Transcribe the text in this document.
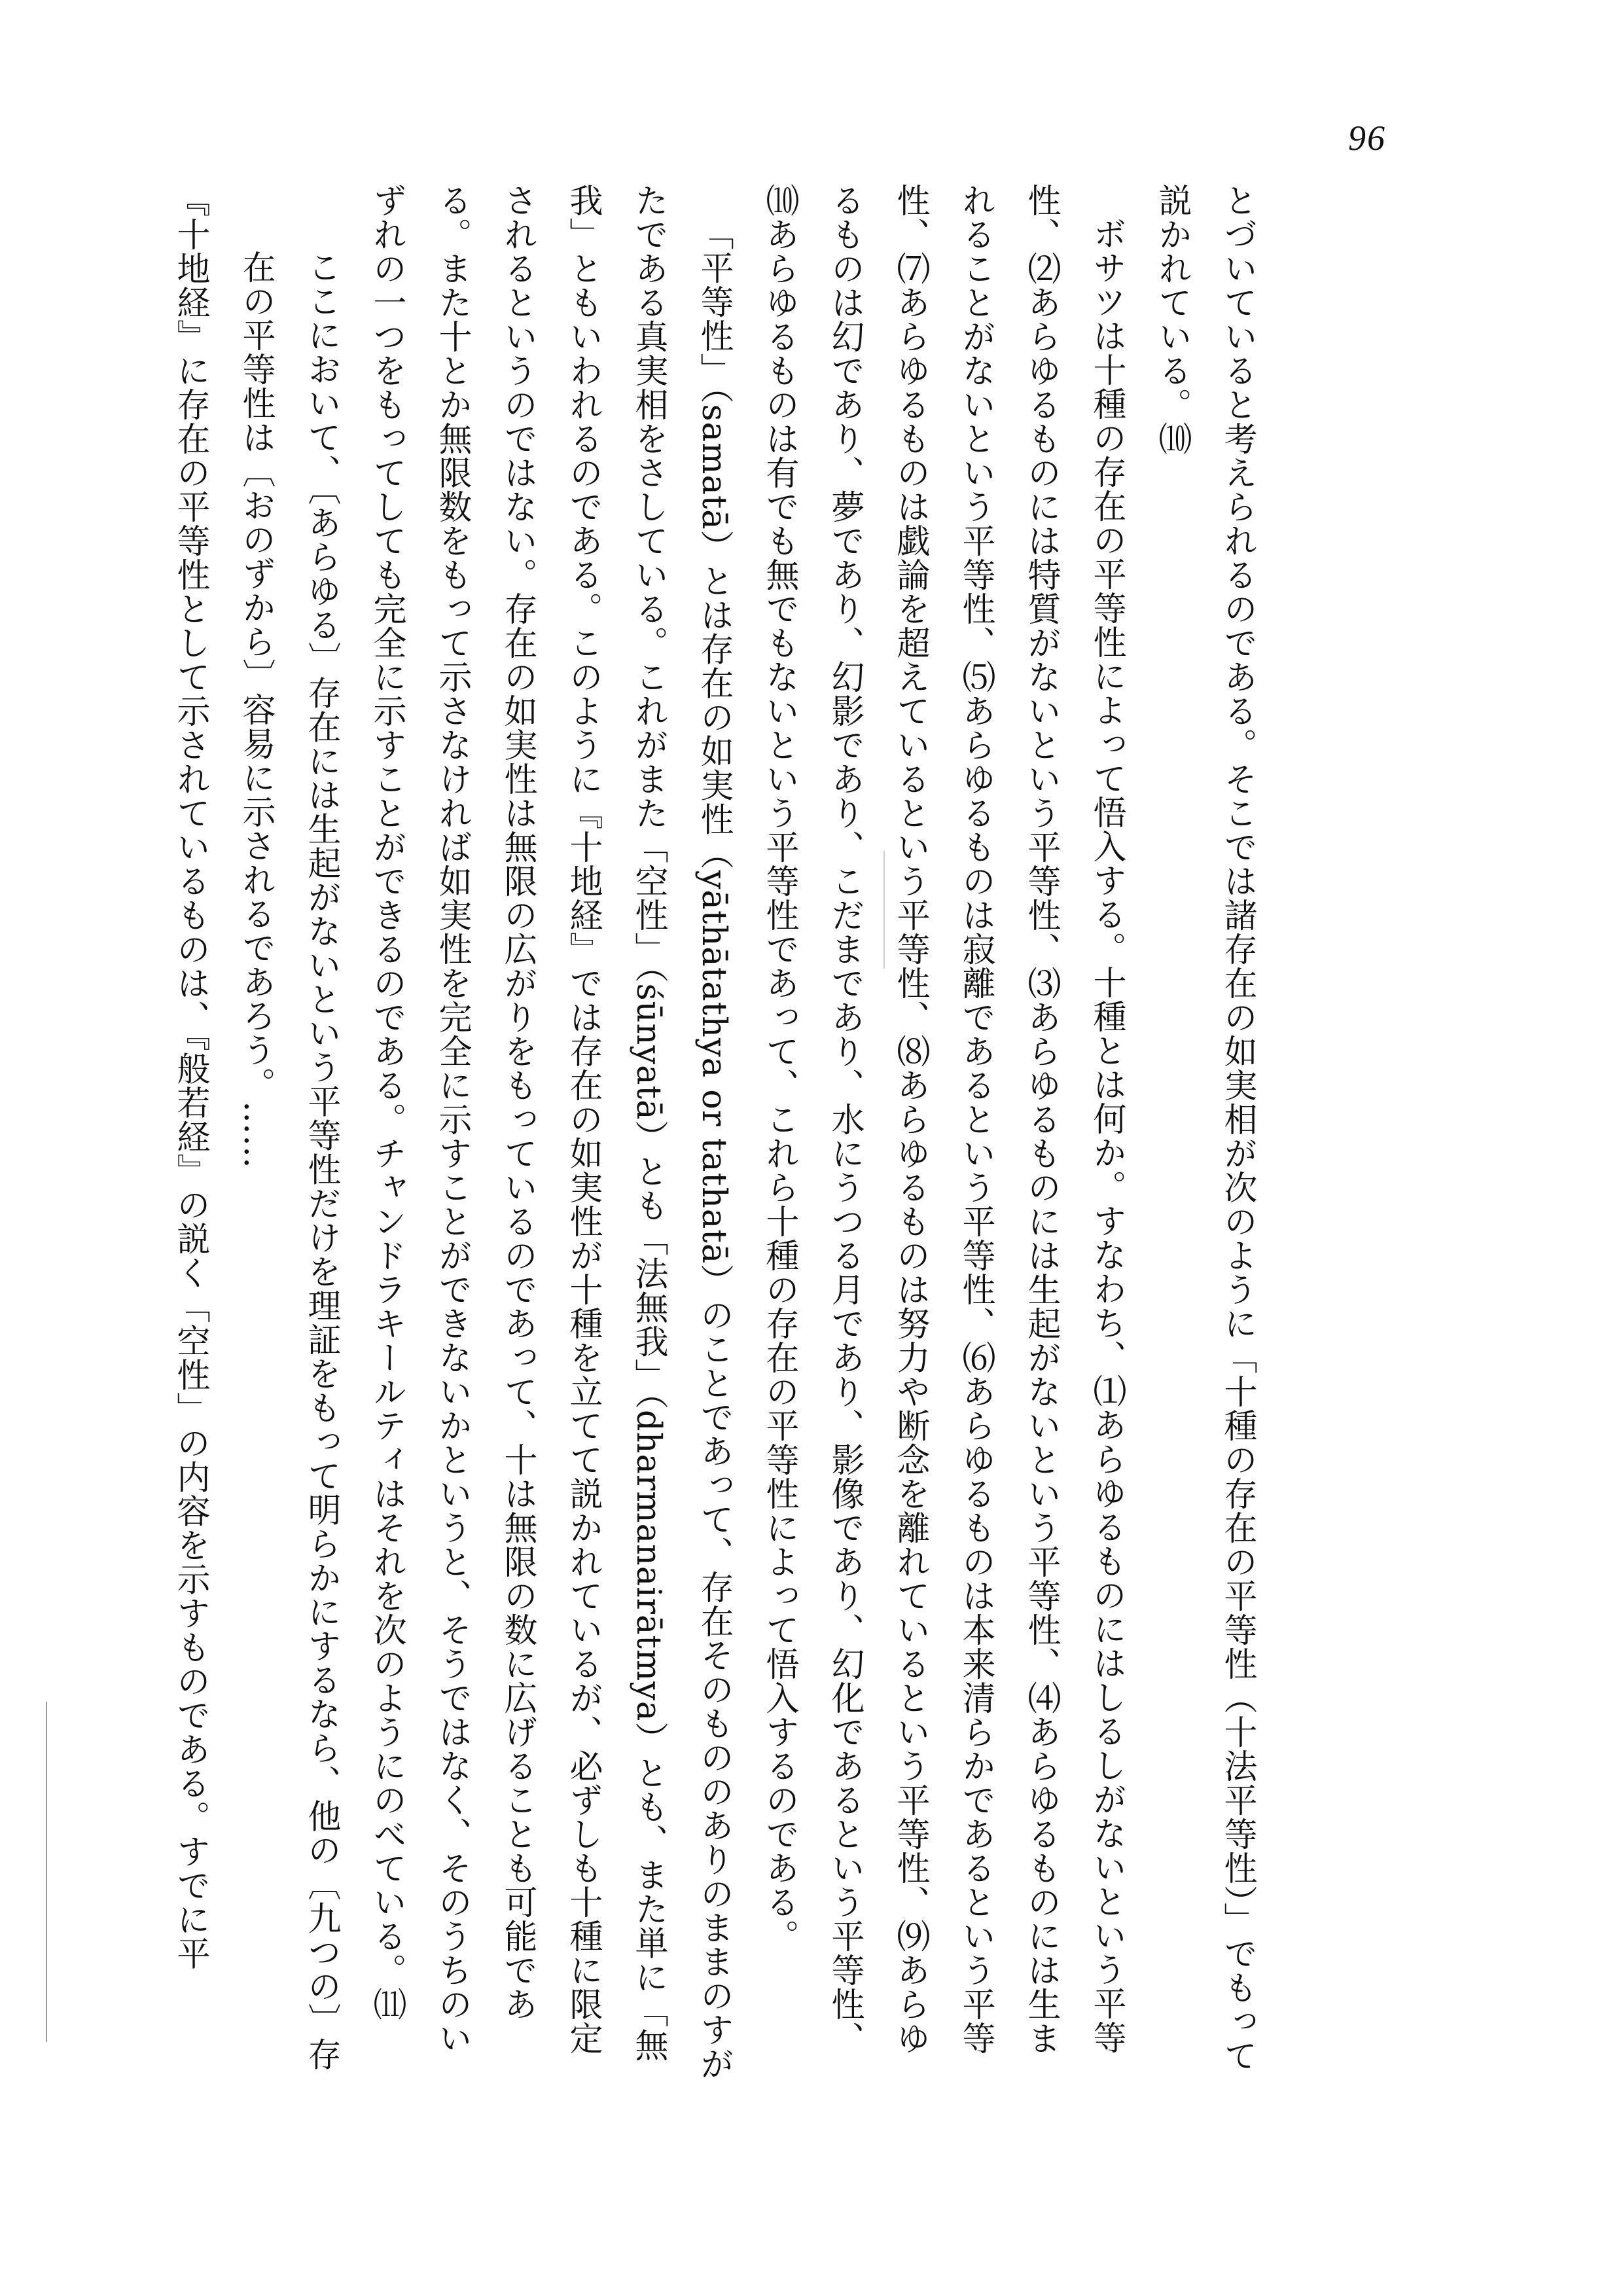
96

とづいていると考えられるのである。そこでは諸存在の如実相が次のように「十種の存在の平等性（十法平等性）」でもって説かれている。⑽

ボサツは十種の存在の平等性によって悟入する。十種とは何か。すなわち、⑴あらゆるものにはしるしがないという平等性、⑵あらゆるものには特質がないという平等性、⑶あらゆるものには生起がないという平等性、⑷あらゆるものには生まれることがないという平等性、⑸あらゆるものは寂離であるという平等性、⑹あらゆるものは本来清らかであるという平等性、⑺あらゆるものは戯論を超えているという平等性、⑻あらゆるものは努力や断念を離れているという平等性、⑼あらゆるものは幻であり、夢であり、幻影であり、こだまであり、水にうつる月であり、影像であり、幻化であるという平等性、⑽あらゆるものは有でも無でもないという平等性であって、これら十種の存在の平等性によって悟入するのである。

「平等性」（samatā）とは存在の如実性（yāthātathya or tathatā）のことであって、存在そのもののありのままのすがたである真実相をさしている。これがまた「空性」（śūnyatā）とも「法無我」（dharmanairātmya）とも、また単に「無我」ともいわれるのである。このように『十地経』では存在の如実性が十種を立てて説かれているが、必ずしも十種に限定されるというのではない。存在の如実性は無限の広がりをもっているのであって、十は無限の数に広げることも可能である。また十とか無限数をもって示さなければ如実性を完全に示すことができないかというと、そうではなく、そのうちのいずれの一つをもってしても完全に示すことができるのである。チャンドラキールティはそれを次のようにのべている。⑾

ここにおいて、〔あらゆる〕存在には生起がないという平等性だけを理証をもって明らかにするなら、他の〔九つの〕存在の平等性は〔おのずから〕容易に示されるであろう。……

『十地経』に存在の平等性として示されているものは、『般若経』の説く「空性」の内容を示すものである。すでに平
